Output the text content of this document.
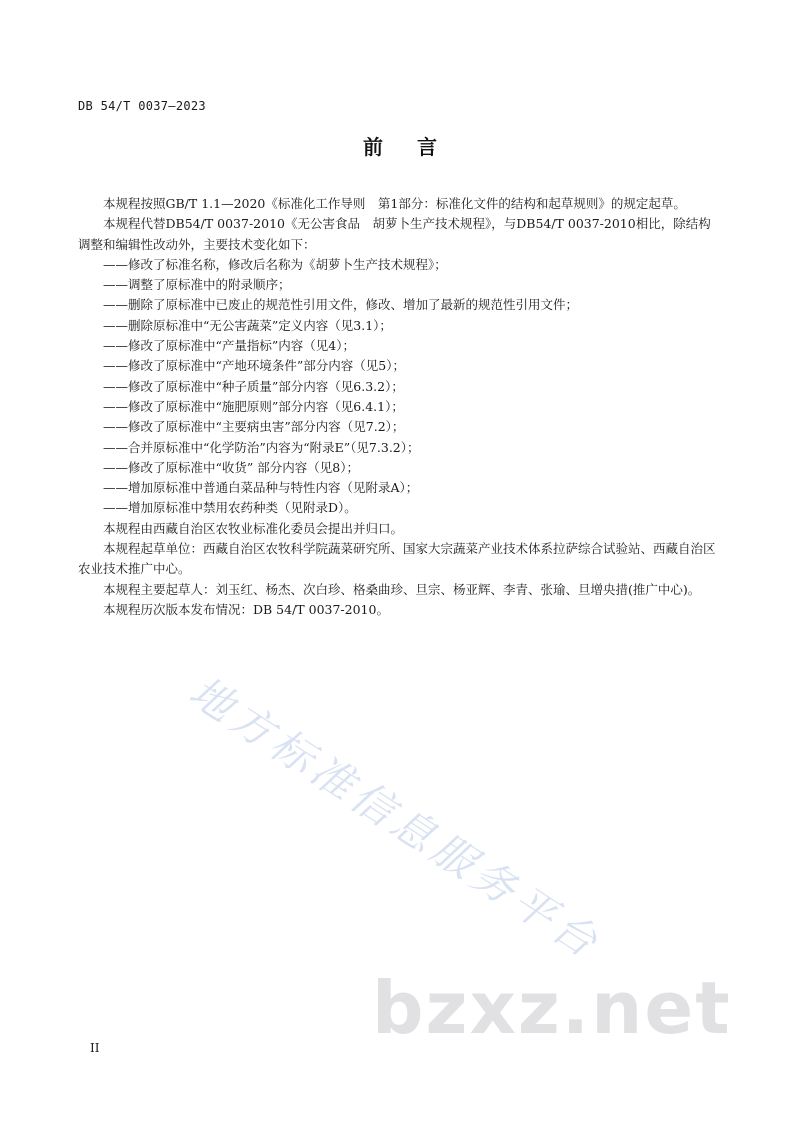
DB 54/T 0037—2023
前 言

本规程按照GB/T 1.1—2020《标准化工作导则　第1部分：标准化文件的结构和起草规则》的规定起草。

本规程代替DB54/T 0037-2010《无公害食品　胡萝卜生产技术规程》，与DB54/T 0037-2010相比，除结构调整和编辑性改动外，主要技术变化如下：

——修改了标准名称，修改后名称为《胡萝卜生产技术规程》；

——调整了原标准中的附录顺序；

——删除了原标准中已废止的规范性引用文件，修改、增加了最新的规范性引用文件；

——删除原标准中“无公害蔬菜”定义内容（见3.1）；

——修改了原标准中“产量指标”内容（见4）；

——修改了原标准中“产地环境条件”部分内容（见5）；

——修改了原标准中“种子质量”部分内容（见6.3.2）；

——修改了原标准中“施肥原则”部分内容（见6.4.1）；

——修改了原标准中“主要病虫害”部分内容（见7.2）；

——合并原标准中“化学防治”内容为“附录E”（见7.3.2）；

——修改了原标准中“收货” 部分内容（见8）；

——增加原标准中普通白菜品种与特性内容（见附录A）；

——增加原标准中禁用农药种类（见附录D）。

本规程由西藏自治区农牧业标准化委员会提出并归口。

本规程起草单位：西藏自治区农牧科学院蔬菜研究所、国家大宗蔬菜产业技术体系拉萨综合试验站、西藏自治区农业技术推广中心。

本规程主要起草人：刘玉红、杨杰、次白珍、格桑曲珍、旦宗、杨亚辉、李青、张瑜、旦增央措(推广中心)。

本规程历次版本发布情况：DB 54/T 0037-2010。

地方标准信息服务平台
bzxz.net
II
